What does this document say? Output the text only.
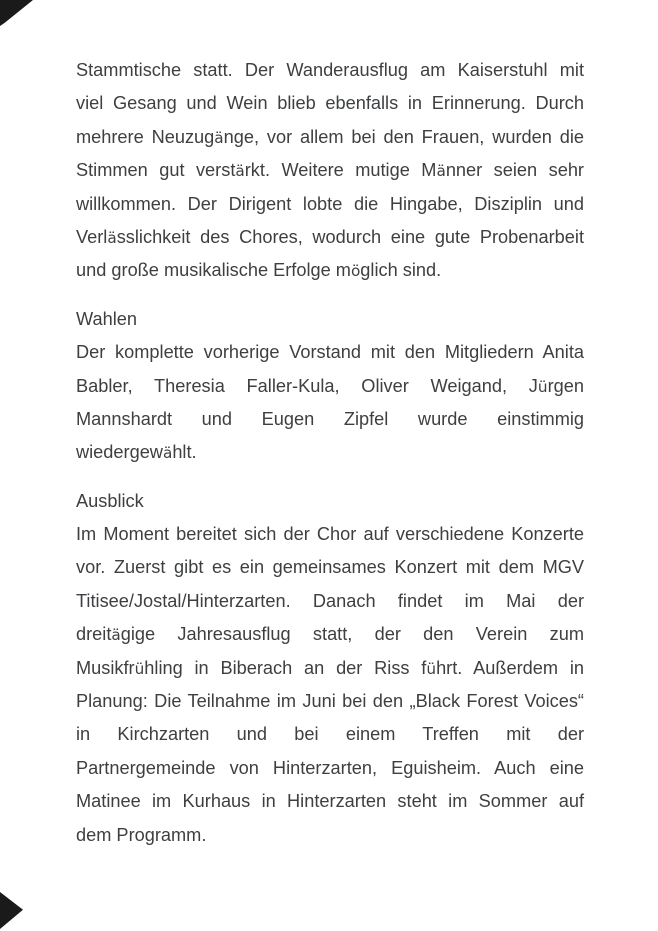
Stammtische statt. Der Wanderausflug am Kaiserstuhl mit
viel Gesang und Wein blieb ebenfalls in Erinnerung. Durch
mehrere Neuzugänge, vor allem bei den Frauen, wurden die
Stimmen gut verstärkt. Weitere mutige Männer seien sehr
willkommen. Der Dirigent lobte die Hingabe, Disziplin und
Verlässlichkeit des Chores, wodurch eine gute Probenarbeit
und große musikalische Erfolge möglich sind.
Wahlen
Der komplette vorherige Vorstand mit den Mitgliedern Anita
Babler, Theresia Faller-Kula, Oliver Weigand, Jürgen
Mannshardt und Eugen Zipfel wurde einstimmig
wiedergewählt.
Ausblick
Im Moment bereitet sich der Chor auf verschiedene Konzerte
vor. Zuerst gibt es ein gemeinsames Konzert mit dem MGV
Titisee/Jostal/Hinterzarten. Danach findet im Mai der
dreitägige Jahresausflug statt, der den Verein zum
Musikfrühling in Biberach an der Riss führt. Außerdem in
Planung: Die Teilnahme im Juni bei den „Black Forest Voices“
in Kirchzarten und bei einem Treffen mit der
Partnergemeinde von Hinterzarten, Eguisheim. Auch eine
Matinee im Kurhaus in Hinterzarten steht im Sommer auf
dem Programm.
